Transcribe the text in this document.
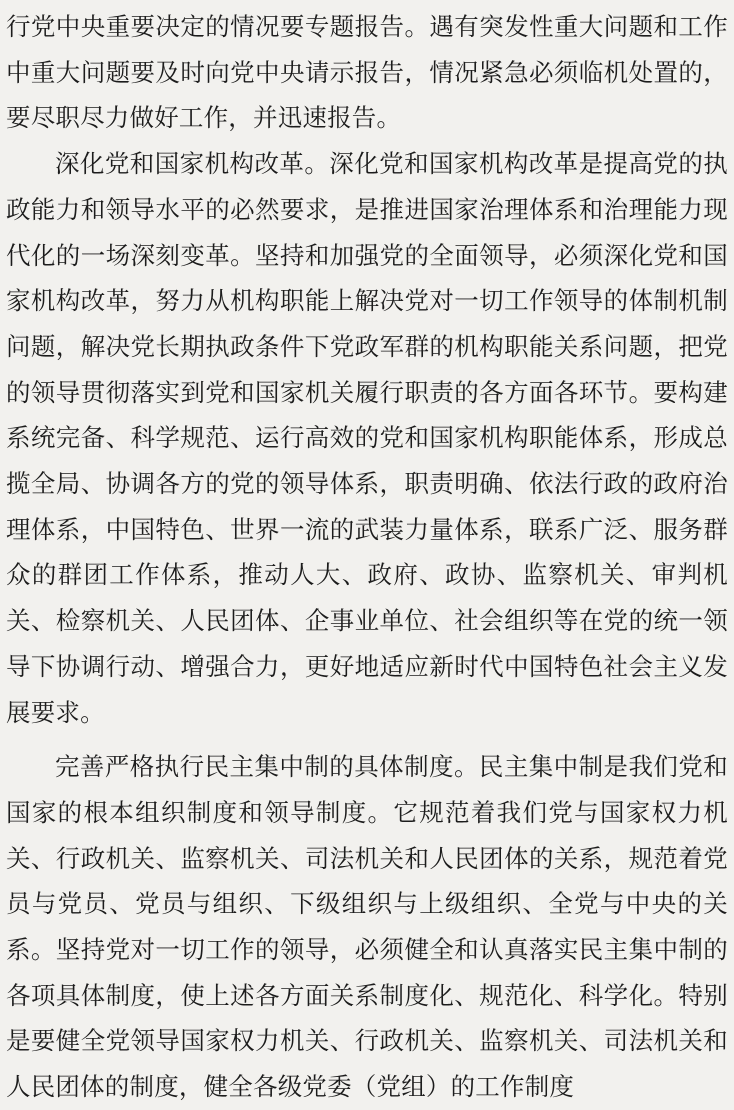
行党中央重要决定的情况要专题报告。遇有突发性重大问题和工作中重大问题要及时向党中央请示报告，情况紧急必须临机处置的，要尽职尽力做好工作，并迅速报告。

深化党和国家机构改革。深化党和国家机构改革是提高党的执政能力和领导水平的必然要求，是推进国家治理体系和治理能力现代化的一场深刻变革。坚持和加强党的全面领导，必须深化党和国家机构改革，努力从机构职能上解决党对一切工作领导的体制机制问题，解决党长期执政条件下党政军群的机构职能关系问题，把党的领导贯彻落实到党和国家机关履行职责的各方面各环节。要构建系统完备、科学规范、运行高效的党和国家机构职能体系，形成总揽全局、协调各方的党的领导体系，职责明确、依法行政的政府治理体系，中国特色、世界一流的武装力量体系，联系广泛、服务群众的群团工作体系，推动人大、政府、政协、监察机关、审判机关、检察机关、人民团体、企事业单位、社会组织等在党的统一领导下协调行动、增强合力，更好地适应新时代中国特色社会主义发展要求。

完善严格执行民主集中制的具体制度。民主集中制是我们党和国家的根本组织制度和领导制度。它规范着我们党与国家权力机关、行政机关、监察机关、司法机关和人民团体的关系，规范着党员与党员、党员与组织、下级组织与上级组织、全党与中央的关系。坚持党对一切工作的领导，必须健全和认真落实民主集中制的各项具体制度，使上述各方面关系制度化、规范化、科学化。特别是要健全党领导国家权力机关、行政机关、监察机关、司法机关和人民团体的制度，健全各级党委（党组）的工作制度
